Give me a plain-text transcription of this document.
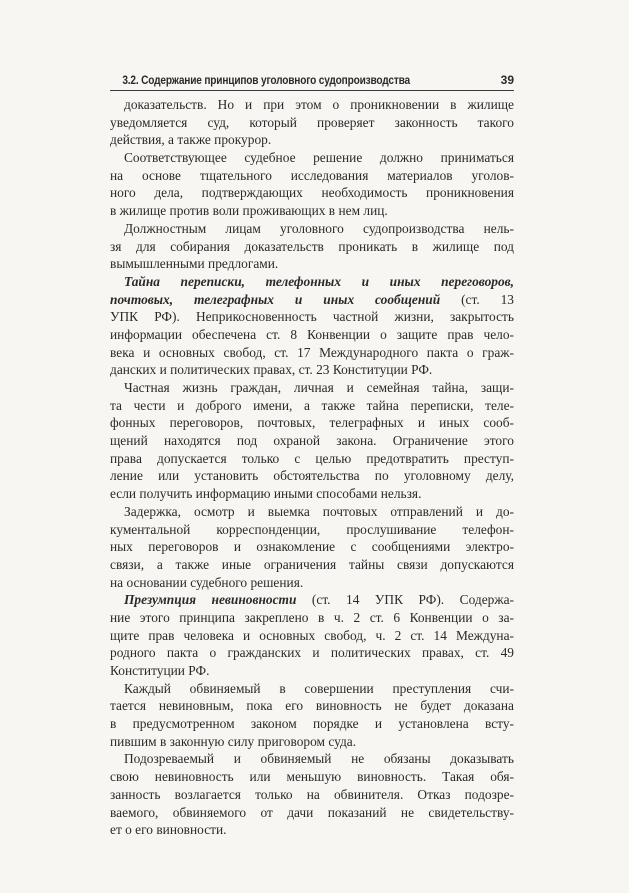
3.2. Содержание принципов уголовного судопроизводства	39
доказательств. Но и при этом о проникновении в жилище
уведомляется суд, который проверяет законность такого
действия, а также прокурор.
Соответствующее судебное решение должно приниматься
на основе тщательного исследования материалов уголов-
ного дела, подтверждающих необходимость проникновения
в жилище против воли проживающих в нем лиц.
Должностным лицам уголовного судопроизводства нель-
зя для собирания доказательств проникать в жилище под
вымышленными предлогами.
Тайна переписки, телефонных и иных переговоров,
почтовых, телеграфных и иных сообщений (ст. 13
УПК РФ). Неприкосновенность частной жизни, закрытость
информации обеспечена ст. 8 Конвенции о защите прав чело-
века и основных свобод, ст. 17 Международного пакта о граж-
данских и политических правах, ст. 23 Конституции РФ.
Частная жизнь граждан, личная и семейная тайна, защи-
та чести и доброго имени, а также тайна переписки, теле-
фонных переговоров, почтовых, телеграфных и иных сооб-
щений находятся под охраной закона. Ограничение этого
права допускается только с целью предотвратить преступ-
ление или установить обстоятельства по уголовному делу,
если получить информацию иными способами нельзя.
Задержка, осмотр и выемка почтовых отправлений и до-
кументальной корреспонденции, прослушивание телефон-
ных переговоров и ознакомление с сообщениями электро-
связи, а также иные ограничения тайны связи допускаются
на основании судебного решения.
Презумпция невиновности (ст. 14 УПК РФ). Содержа-
ние этого принципа закреплено в ч. 2 ст. 6 Конвенции о за-
щите прав человека и основных свобод, ч. 2 ст. 14 Междуна-
родного пакта о гражданских и политических правах, ст. 49
Конституции РФ.
Каждый обвиняемый в совершении преступления счи-
тается невиновным, пока его виновность не будет доказана
в предусмотренном законом порядке и установлена всту-
пившим в законную силу приговором суда.
Подозреваемый и обвиняемый не обязаны доказывать
свою невиновность или меньшую виновность. Такая обя-
занность возлагается только на обвинителя. Отказ подозре-
ваемого, обвиняемого от дачи показаний не свидетельству-
ет о его виновности.
